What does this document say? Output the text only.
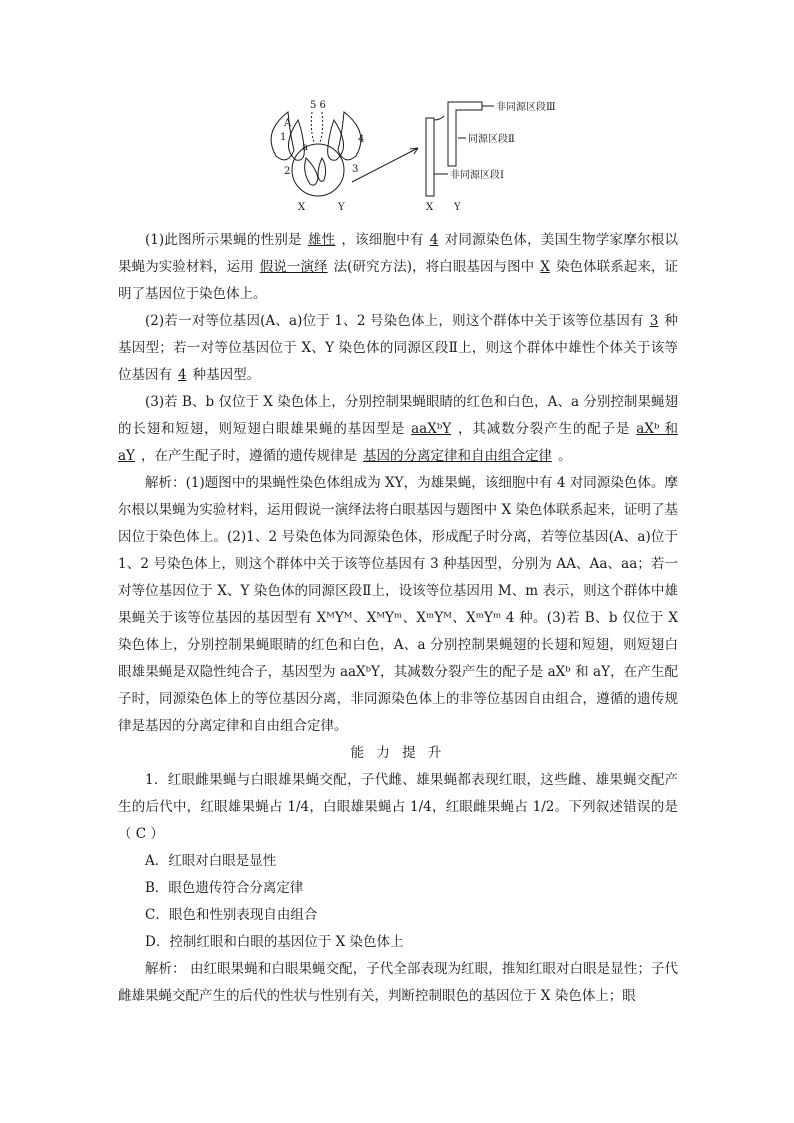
5 6
1
2	3
4
A
a
X	Y
非同源区段Ⅲ
同源区段Ⅱ
非同源区段Ⅰ
X Y

(1)此图所示果蝇的性别是 雄性 ，该细胞中有 4 对同源染色体，美国生物学家摩尔根以果蝇为实验材料，运用 假说一演绎 法(研究方法)，将白眼基因与图中 X 染色体联系起来，证明了基因位于染色体上。

(2)若一对等位基因(A、a)位于 1、2 号染色体上，则这个群体中关于该等位基因有 3 种基因型；若一对等位基因位于 X、Y 染色体的同源区段Ⅱ上，则这个群体中雄性个体关于该等位基因有 4 种基因型。

(3)若 B、b 仅位于 X 染色体上，分别控制果蝇眼睛的红色和白色，A、a 分别控制果蝇翅的长翅和短翅，则短翅白眼雄果蝇的基因型是 aaXᵇY ，其减数分裂产生的配子是 aXᵇ 和 aY ，在产生配子时，遵循的遗传规律是 基因的分离定律和自由组合定律 。

解析：(1)题图中的果蝇性染色体组成为 XY，为雄果蝇，该细胞中有 4 对同源染色体。摩尔根以果蝇为实验材料，运用假说一演绎法将白眼基因与题图中 X 染色体联系起来，证明了基因位于染色体上。(2)1、2 号染色体为同源染色体，形成配子时分离，若等位基因(A、a)位于 1、2 号染色体上，则这个群体中关于该等位基因有 3 种基因型，分别为 AA、Aa、aa；若一对等位基因位于 X、Y 染色体的同源区段Ⅱ上，设该等位基因用 M、m 表示，则这个群体中雄果蝇关于该等位基因的基因型有 XᴹYᴹ、XᴹYᵐ、XᵐYᴹ、XᵐYᵐ 4 种。(3)若 B、b 仅位于 X 染色体上，分别控制果蝇眼睛的红色和白色，A、a 分别控制果蝇翅的长翅和短翅，则短翅白眼雄果蝇是双隐性纯合子，基因型为 aaXᵇY，其减数分裂产生的配子是 aXᵇ 和 aY，在产生配子时，同源染色体上的等位基因分离，非同源染色体上的非等位基因自由组合，遵循的遗传规律是基因的分离定律和自由组合定律。

能 力 提 升

1．红眼雌果蝇与白眼雄果蝇交配，子代雌、雄果蝇都表现红眼，这些雌、雄果蝇交配产生的后代中，红眼雄果蝇占 1/4，白眼雄果蝇占 1/4，红眼雌果蝇占 1/2。下列叙述错误的是（ C ）

A．红眼对白眼是显性

B．眼色遗传符合分离定律

C．眼色和性别表现自由组合

D．控制红眼和白眼的基因位于 X 染色体上

解析： 由红眼果蝇和白眼果蝇交配，子代全部表现为红眼，推知红眼对白眼是显性；子代雌雄果蝇交配产生的后代的性状与性别有关，判断控制眼色的基因位于 X 染色体上；眼
